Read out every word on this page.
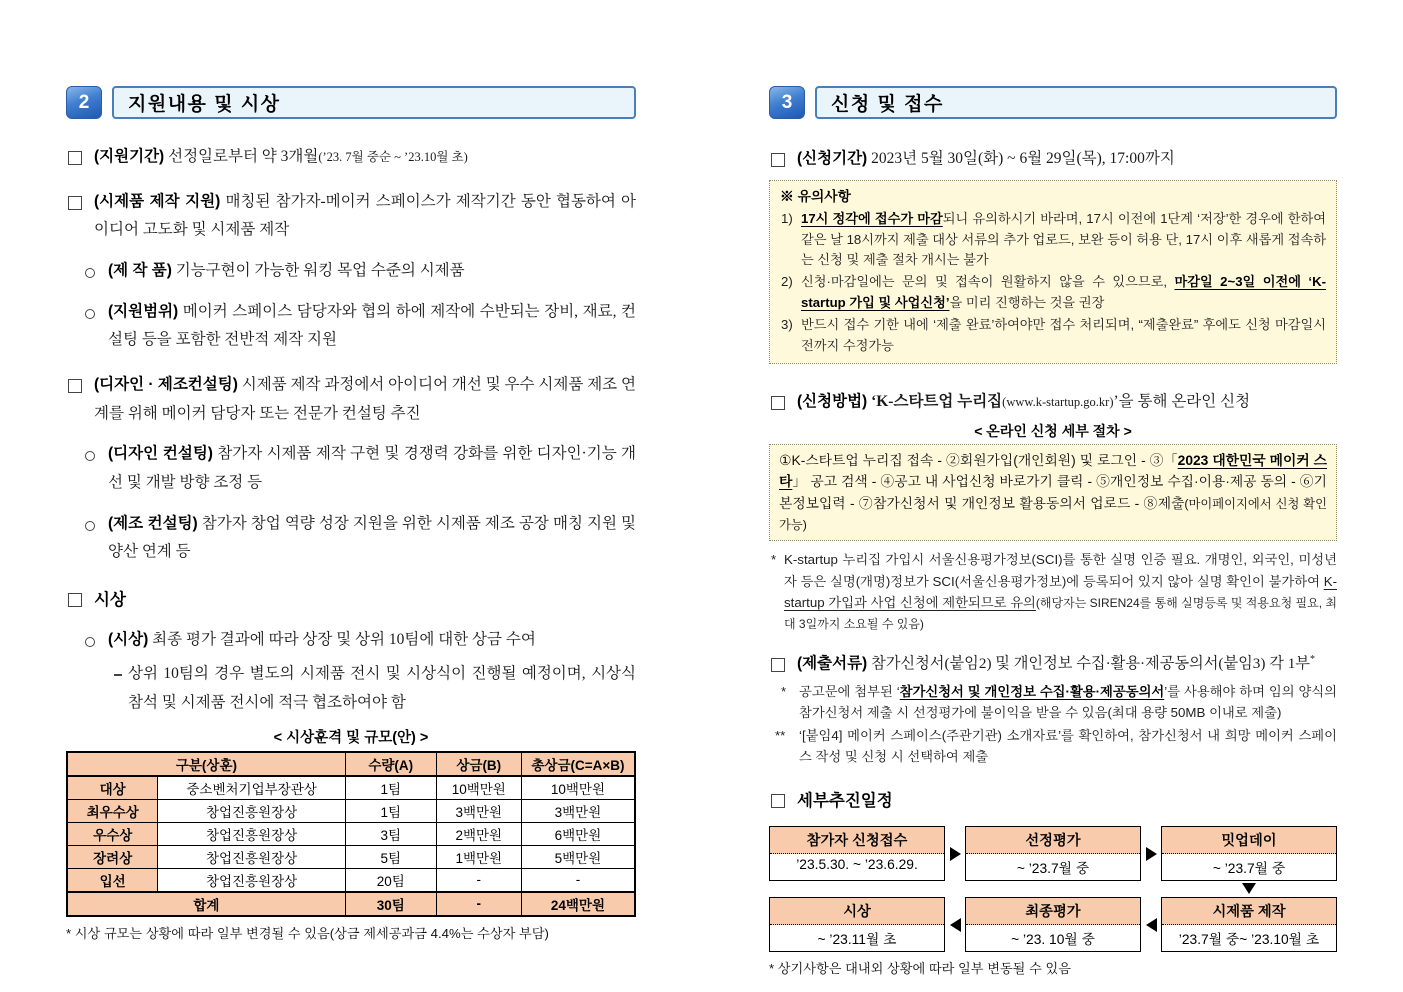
2	지원내용 및 시상
(지원기간) 선정일로부터 약 3개월(’23. 7월 중순 ~ ’23.10월 초)
(시제품 제작 지원) 매칭된 참가자-메이커 스페이스가 제작기간 동안 협동하여 아이디어 고도화 및 시제품 제작
(제 작 품) 기능구현이 가능한 워킹 목업 수준의 시제품
(지원범위) 메이커 스페이스 담당자와 협의 하에 제작에 수반되는 장비, 재료, 컨설팅 등을 포함한 전반적 제작 지원
(디자인 · 제조컨설팅) 시제품 제작 과정에서 아이디어 개선 및 우수 시제품 제조 연계를 위해 메이커 담당자 또는 전문가 컨설팅 추진
(디자인 컨설팅) 참가자 시제품 제작 구현 및 경쟁력 강화를 위한 디자인·기능 개선 및 개발 방향 조정 등
(제조 컨설팅) 참가자 창업 역량 성장 지원을 위한 시제품 제조 공장 매칭 지원 및 양산 연계 등
시상
(시상) 최종 평가 결과에 따라 상장 및 상위 10팀에 대한 상금 수여
상위 10팀의 경우 별도의 시제품 전시 및 시상식이 진행될 예정이며, 시상식 참석 및 시제품 전시에 적극 협조하여야 함
< 시상훈격 및 규모(안) >
구분(상훈)		수량(A)	상금(B)	총상금(C=A×B)
대상	중소벤처기업부장관상	1팀	10백만원	10백만원
최우수상	창업진흥원장상	1팀	3백만원	3백만원
우수상	창업진흥원장상	3팀	2백만원	6백만원
장려상	창업진흥원장상	5팀	1백만원	5백만원
입선	창업진흥원장상	20팀	-	-
합계		30팀	-	24백만원
* 시상 규모는 상황에 따라 일부 변경될 수 있음(상금 제세공과금 4.4%는 수상자 부담)
3	신청 및 접수
(신청기간) 2023년 5월 30일(화) ~ 6월 29일(목), 17:00까지
※ 유의사항
1) 17시 정각에 접수가 마감되니 유의하시기 바라며, 17시 이전에 1단계 ‘저장’한 경우에 한하여 같은 날 18시까지 제출 대상 서류의 추가 업로드, 보완 등이 허용 단, 17시 이후 새롭게 접속하는 신청 및 제출 절차 개시는 불가
2) 신청·마감일에는 문의 및 접속이 원활하지 않을 수 있으므로, 마감일 2~3일 이전에 ‘K-startup 가입 및 사업신청’을 미리 진행하는 것을 권장
3) 반드시 접수 기한 내에 ‘제출 완료’하여야만 접수 처리되며, “제출완료” 후에도 신청 마감일시 전까지 수정가능
(신청방법) ‘K-스타트업 누리집(www.k-startup.go.kr)’을 통해 온라인 신청
< 온라인 신청 세부 절차 >
①K-스타트업 누리집 접속 - ②회원가입(개인회원) 및 로그인 - ③「2023 대한민국 메이커 스타」 공고 검색 - ④공고 내 사업신청 바로가기 클릭 - ⑤개인정보 수집·이용·제공 동의 - ⑥기본정보입력 - ⑦참가신청서 및 개인정보 활용동의서 업로드 - ⑧제출(마이페이지에서 신청 확인 가능)
* K-startup 누리집 가입시 서울신용평가정보(SCI)를 통한 실명 인증 필요. 개명인, 외국인, 미성년자 등은 실명(개명)정보가 SCI(서울신용평가정보)에 등록되어 있지 않아 실명 확인이 불가하여 K-startup 가입과 사업 신청에 제한되므로 유의(해당자는 SIREN24를 통해 실명등록 및 적용요청 필요, 최대 3일까지 소요될 수 있음)
(제출서류) 참가신청서(붙임2) 및 개인정보 수집·활용·제공동의서(붙임3) 각 1부*
* 공고문에 첨부된 ‘참가신청서 및 개인정보 수집·활용·제공동의서’를 사용해야 하며 임의 양식의 참가신청서 제출 시 선정평가에 불이익을 받을 수 있음(최대 용량 50MB 이내로 제출)
** ‘[붙임4] 메이커 스페이스(주관기관) 소개자료’를 확인하여, 참가신청서 내 희망 메이커 스페이스 작성 및 신청 시 선택하여 제출
세부추진일정
참가자 신청접수
’23.5.30. ~ ’23.6.29.
선정평가
~ ’23.7월 중
밋업데이
~ ’23.7월 중
시상
~ ’23.11월 초
최종평가
~ ’23. 10월 중
시제품 제작
’23.7월 중~ ’23.10월 초
* 상기사항은 대내외 상황에 따라 일부 변동될 수 있음
